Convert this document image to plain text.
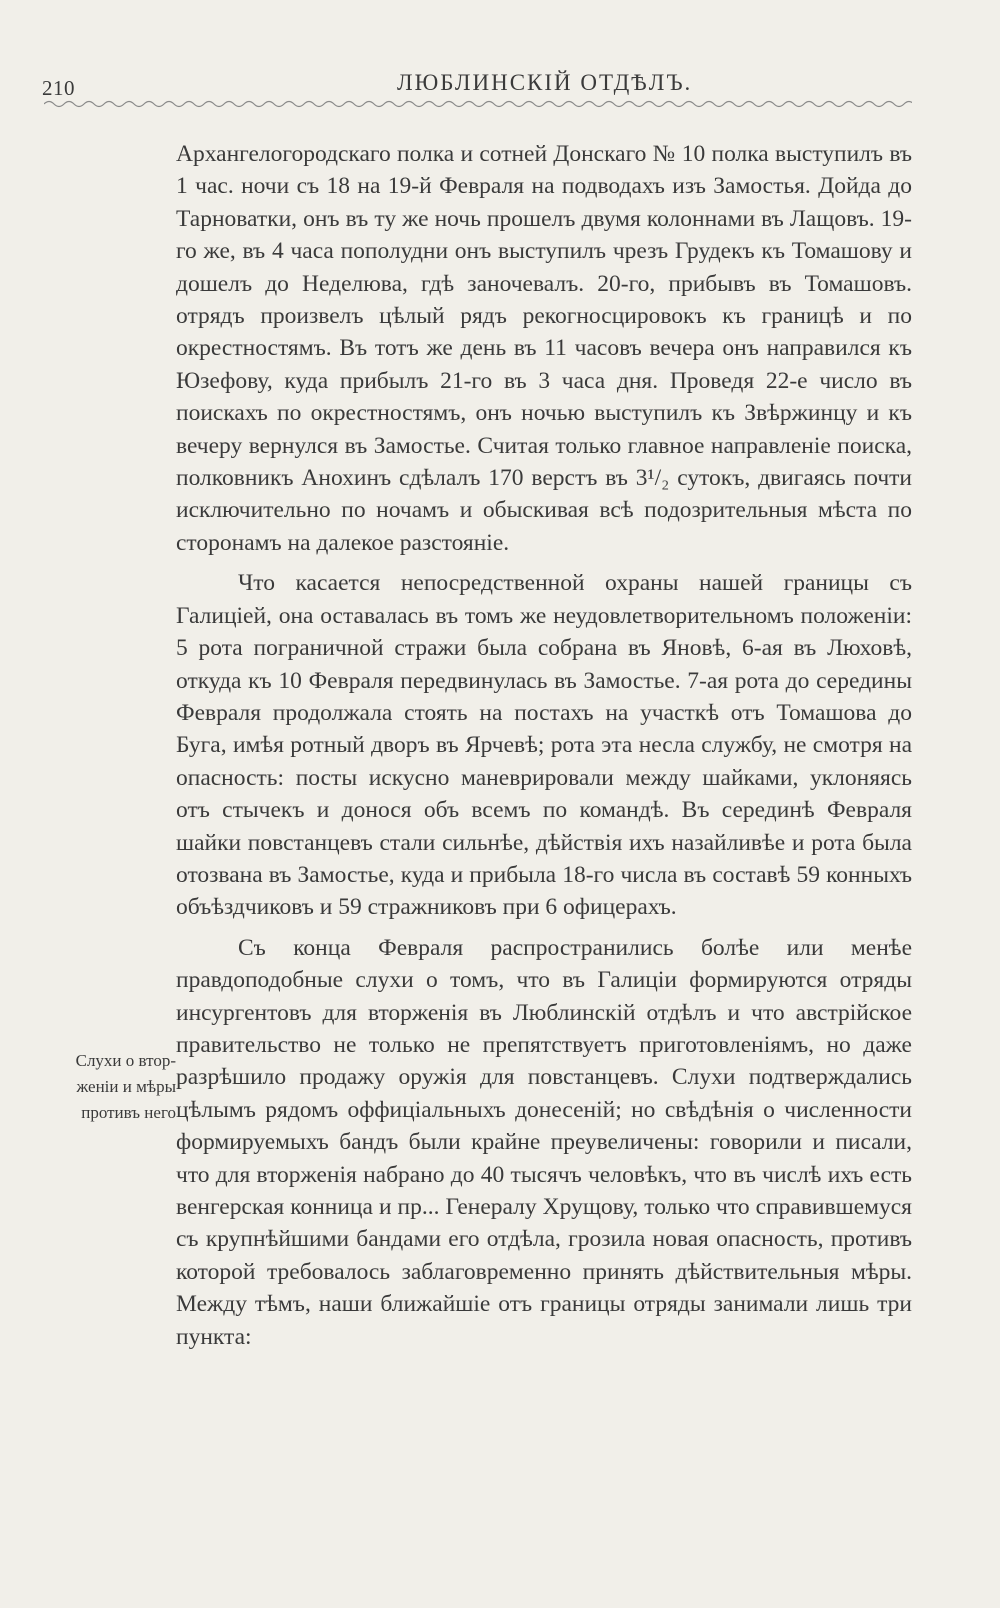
210	ЛЮБЛИНСКІЙ ОТДѢЛЪ.
Слухи о втор-
женіи и мѣры
противъ него

Архангелогородскаго полка и сотней Донскаго № 10 полка выступилъ въ 1 час. ночи съ 18 на 19-й Февраля на подводахъ изъ Замостья. Дойда до Тарноватки, онъ въ ту же ночь прошелъ двумя колоннами въ Лащовъ. 19-го же, въ 4 часа пополудни онъ выступилъ чрезъ Грудекъ къ Томашову и дошелъ до Неделюва, гдѣ заночевалъ. 20-го, прибывъ въ Томашовъ. отрядъ произвелъ цѣлый рядъ рекогносцировокъ къ границѣ и по окрестностямъ. Въ тотъ же день въ 11 часовъ вечера онъ направился къ Юзефову, куда прибылъ 21-го въ 3 часа дня. Проведя 22-е число въ поискахъ по окрестностямъ, онъ ночью выступилъ къ Звѣржинцу и къ вечеру вернулся въ Замостье. Считая только главное направленіе поиска, полковникъ Анохинъ сдѣлалъ 170 верстъ въ 3¹/₂ сутокъ, двигаясь почти исключительно по ночамъ и обыскивая всѣ подозрительныя мѣста по сторонамъ на далекое разстояніе.

Что касается непосредственной охраны нашей границы съ Галиціей, она оставалась въ томъ же неудовлетворительномъ положеніи: 5 рота пограничной стражи была собрана въ Яновѣ, 6-ая въ Люховѣ, откуда къ 10 Февраля передвинулась въ Замостье. 7-ая рота до середины Февраля продолжала стоять на постахъ на участкѣ отъ Томашова до Буга, имѣя ротный дворъ въ Ярчевѣ; рота эта несла службу, не смотря на опасность: посты искусно маневрировали между шайками, уклоняясь отъ стычекъ и донося объ всемъ по командѣ. Въ серединѣ Февраля шайки повстанцевъ стали сильнѣе, дѣйствія ихъ назайливѣе и рота была отозвана въ Замостье, куда и прибыла 18-го числа въ составѣ 59 конныхъ объѣздчиковъ и 59 стражниковъ при 6 офицерахъ.

Съ конца Февраля распространились болѣе или менѣе правдоподобные слухи о томъ, что въ Галиціи формируются отряды инсургентовъ для вторженія въ Люблинскій отдѣлъ и что австрійское правительство не только не препятствуетъ приготовленіямъ, но даже разрѣшило продажу оружія для повстанцевъ. Слухи подтверждались цѣлымъ рядомъ оффиціальныхъ донесеній; но свѣдѣнія о численности формируемыхъ бандъ были крайне преувеличены: говорили и писали, что для вторженія набрано до 40 тысячъ человѣкъ, что въ числѣ ихъ есть венгерская конница и пр... Генералу Хрущову, только что справившемуся съ крупнѣйшими бандами его отдѣла, грозила новая опасность, противъ которой требовалось заблаговременно принять дѣйствительныя мѣры. Между тѣмъ, наши ближайшіе отъ границы отряды занимали лишь три пункта:
